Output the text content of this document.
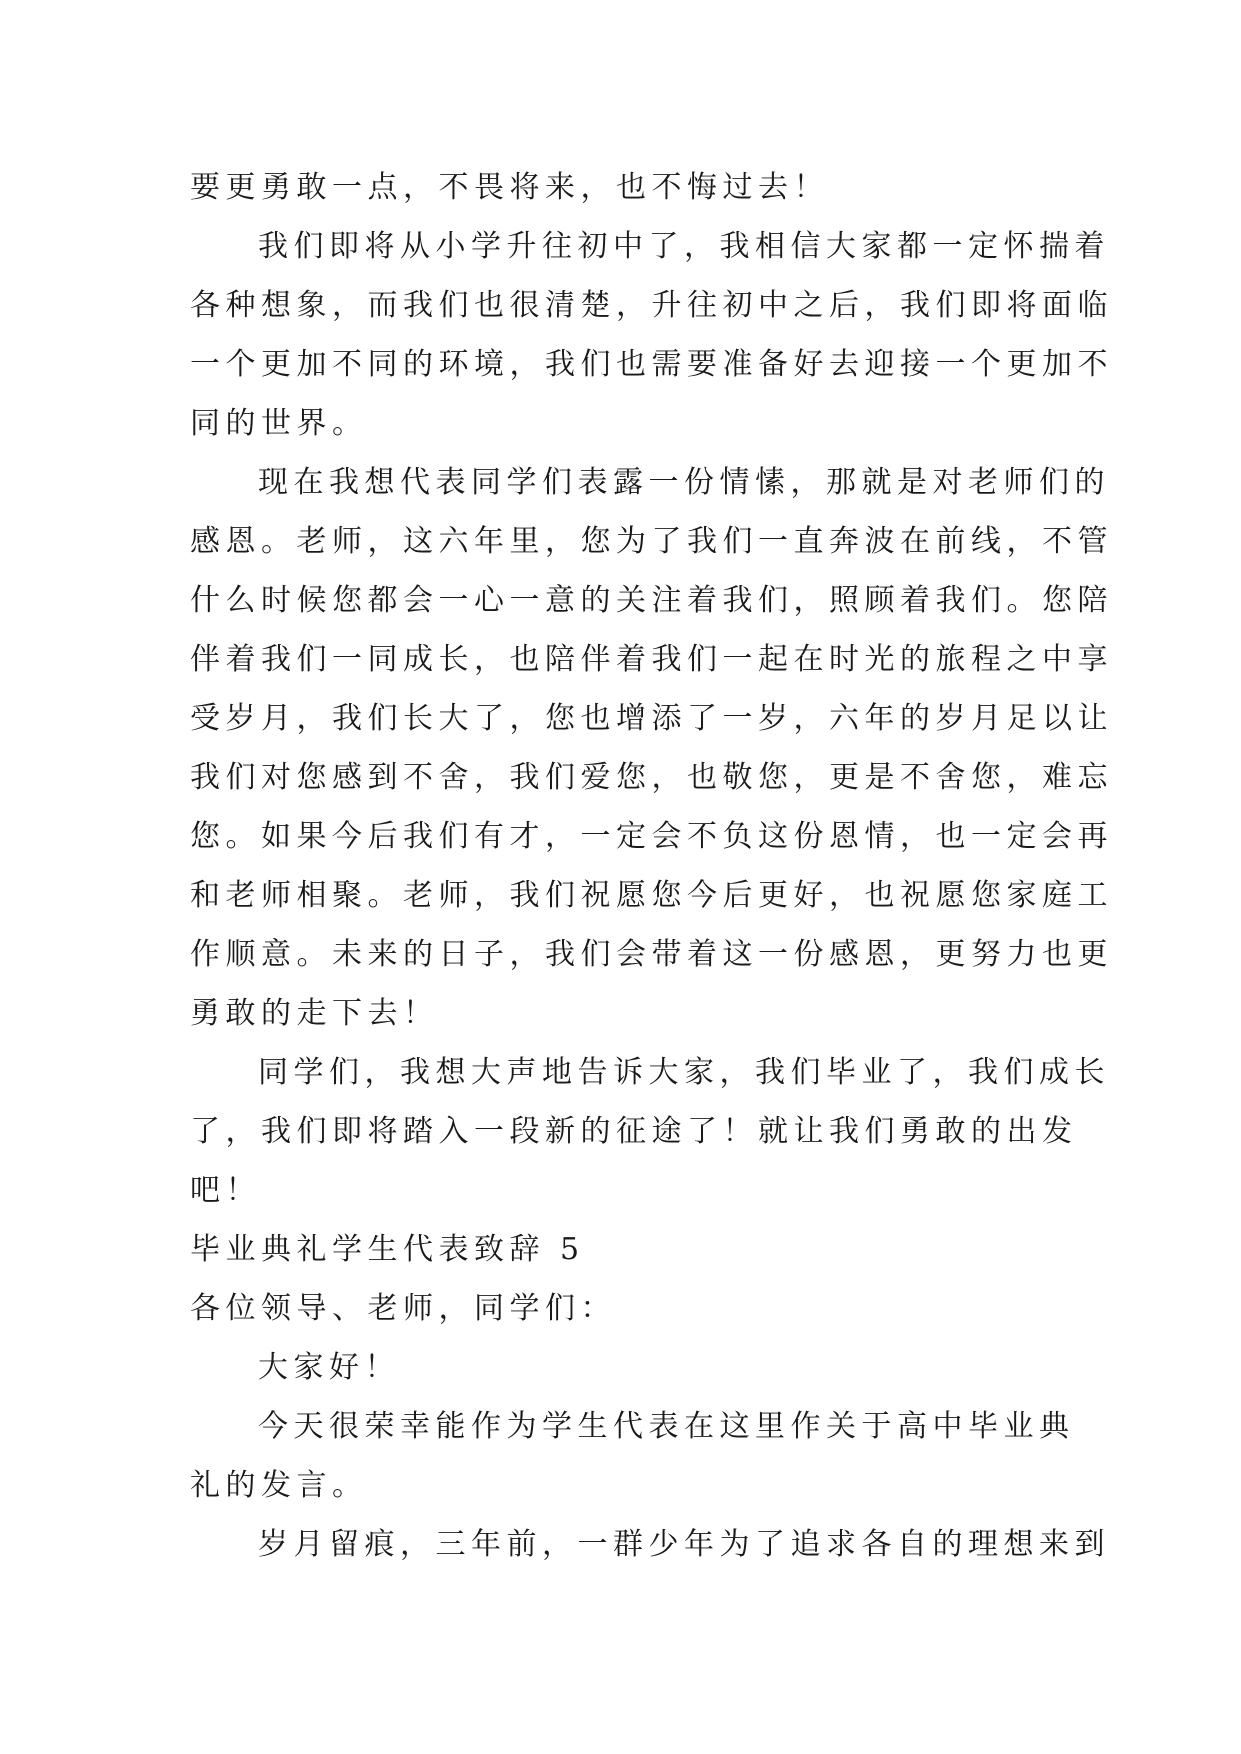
要更勇敢一点，不畏将来，也不悔过去！
我们即将从小学升往初中了，我相信大家都一定怀揣着
各种想象，而我们也很清楚，升往初中之后，我们即将面临
一个更加不同的环境，我们也需要准备好去迎接一个更加不
同的世界。
现在我想代表同学们表露一份情愫，那就是对老师们的
感恩。老师，这六年里，您为了我们一直奔波在前线，不管
什么时候您都会一心一意的关注着我们，照顾着我们。您陪
伴着我们一同成长，也陪伴着我们一起在时光的旅程之中享
受岁月，我们长大了，您也增添了一岁，六年的岁月足以让
我们对您感到不舍，我们爱您，也敬您，更是不舍您，难忘
您。如果今后我们有才，一定会不负这份恩情，也一定会再
和老师相聚。老师，我们祝愿您今后更好，也祝愿您家庭工
作顺意。未来的日子，我们会带着这一份感恩，更努力也更
勇敢的走下去！
同学们，我想大声地告诉大家，我们毕业了，我们成长
了，我们即将踏入一段新的征途了！就让我们勇敢的出发
吧！
毕业典礼学生代表致辞 5
各位领导、老师，同学们：
大家好！
今天很荣幸能作为学生代表在这里作关于高中毕业典
礼的发言。
岁月留痕，三年前，一群少年为了追求各自的理想来到
